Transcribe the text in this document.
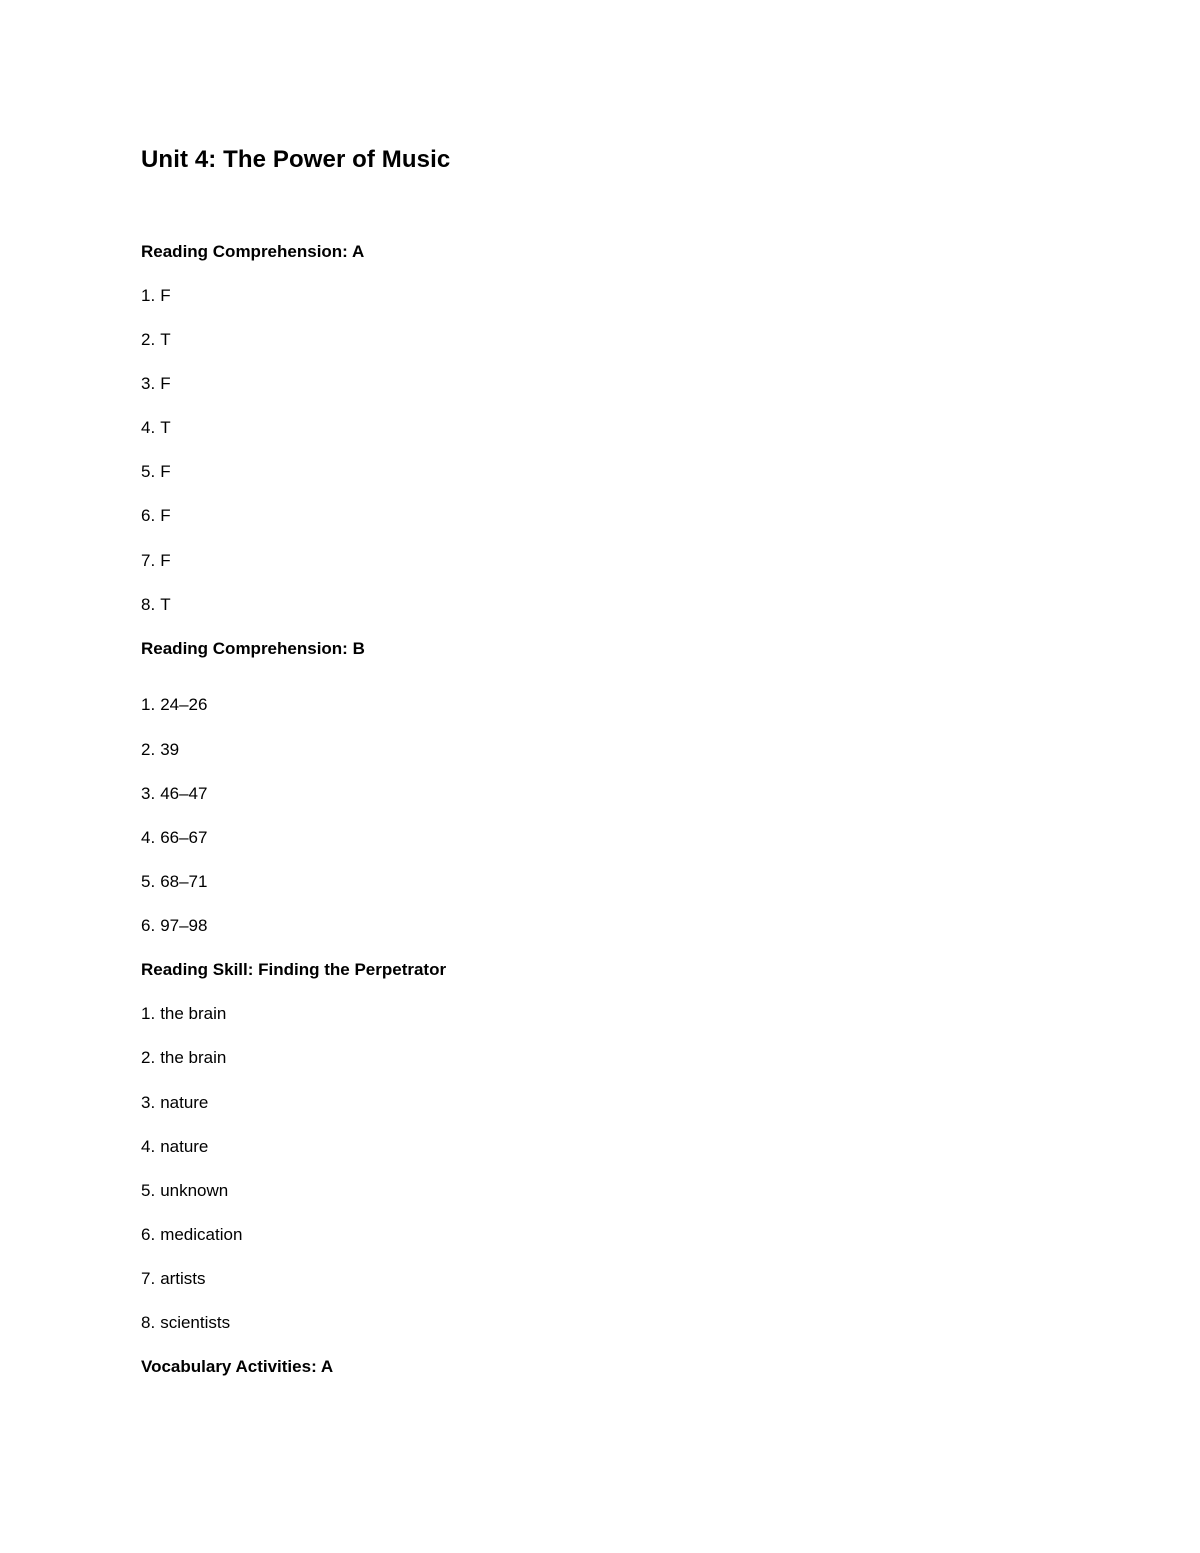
Unit 4: The Power of Music
Reading Comprehension: A

1. F

2. T

3. F

4. T

5. F

6. F

7. F

8. T

Reading Comprehension: B

1. 24–26

2. 39

3. 46–47

4. 66–67

5. 68–71

6. 97–98

Reading Skill: Finding the Perpetrator

1. the brain

2. the brain

3. nature

4. nature

5. unknown

6. medication

7. artists

8. scientists

Vocabulary Activities: A
